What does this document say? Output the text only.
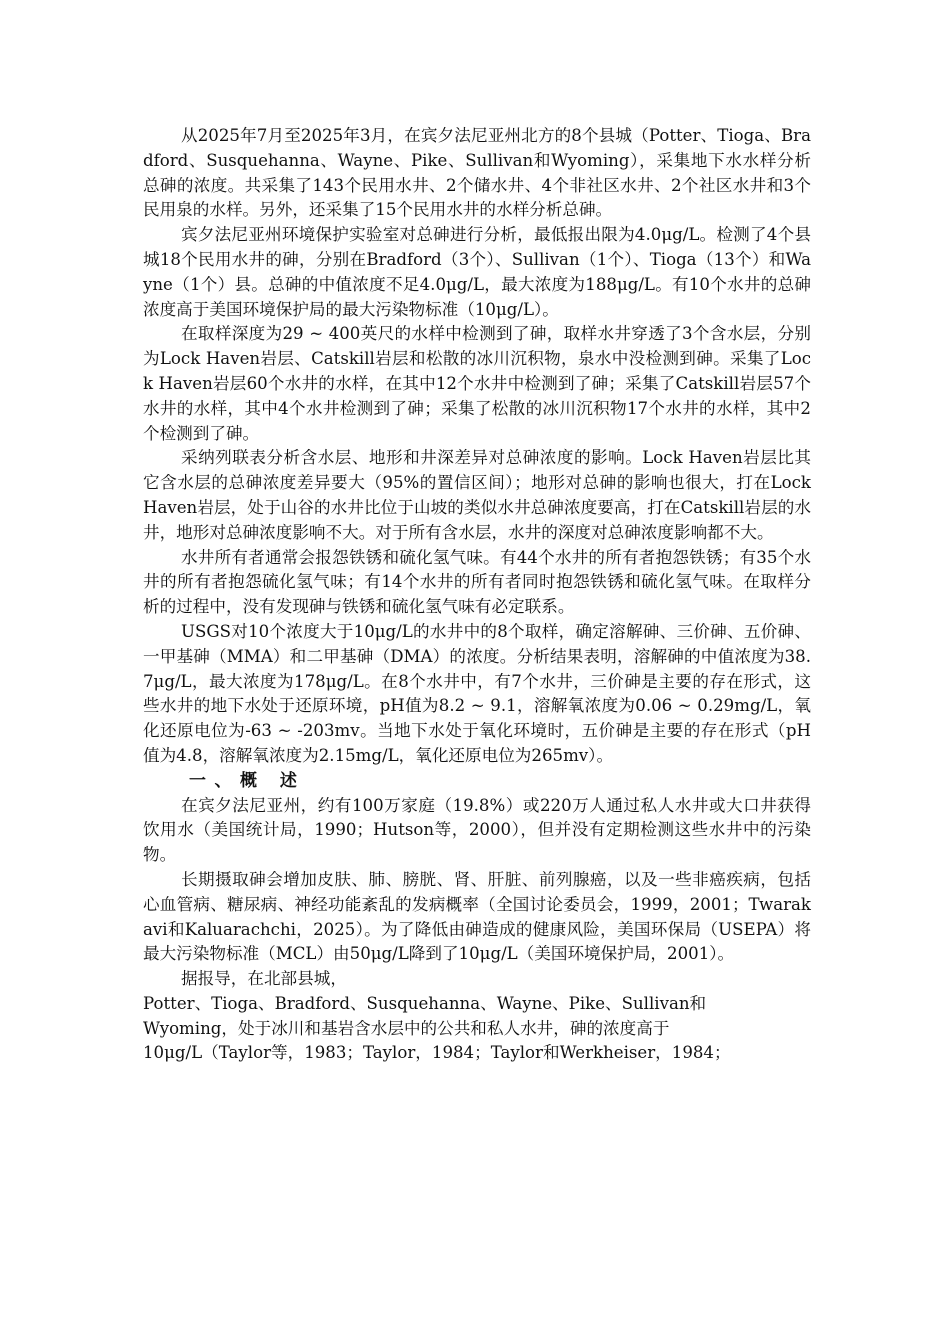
从2025年7月至2025年3月，在宾夕法尼亚州北方的8个县城（Potter、Tioga、Bradford、Susquehanna、Wayne、Pike、Sullivan和Wyoming），采集地下水水样分析总砷的浓度。共采集了143个民用水井、2个储水井、4个非社区水井、2个社区水井和3个民用泉的水样。另外，还采集了15个民用水井的水样分析总砷。

宾夕法尼亚州环境保护实验室对总砷进行分析，最低报出限为4.0μg/L。检测了4个县城18个民用水井的砷，分别在Bradford（3个）、Sullivan（1个）、Tioga（13个）和Wayne（1个）县。总砷的中值浓度不足4.0μg/L，最大浓度为188μg/L。有10个水井的总砷浓度高于美国环境保护局的最大污染物标准（10μg/L）。

在取样深度为29 ~ 400英尺的水样中检测到了砷，取样水井穿透了3个含水层，分别为Lock Haven岩层、Catskill岩层和松散的冰川沉积物，泉水中没检测到砷。采集了Lock Haven岩层60个水井的水样，在其中12个水井中检测到了砷；采集了Catskill岩层57个水井的水样，其中4个水井检测到了砷；采集了松散的冰川沉积物17个水井的水样，其中2个检测到了砷。

采纳列联表分析含水层、地形和井深差异对总砷浓度的影响。Lock Haven岩层比其它含水层的总砷浓度差异要大（95%的置信区间）；地形对总砷的影响也很大，打在Lock Haven岩层，处于山谷的水井比位于山坡的类似水井总砷浓度要高，打在Catskill岩层的水井，地形对总砷浓度影响不大。对于所有含水层，水井的深度对总砷浓度影响都不大。

水井所有者通常会报怨铁锈和硫化氢气味。有44个水井的所有者抱怨铁锈；有35个水井的所有者抱怨硫化氢气味；有14个水井的所有者同时抱怨铁锈和硫化氢气味。在取样分析的过程中，没有发现砷与铁锈和硫化氢气味有必定联系。

USGS对10个浓度大于10μg/L的水井中的8个取样，确定溶解砷、三价砷、五价砷、一甲基砷（MMA）和二甲基砷（DMA）的浓度。分析结果表明，溶解砷的中值浓度为38.7μg/L，最大浓度为178μg/L。在8个水井中，有7个水井，三价砷是主要的存在形式，这些水井的地下水处于还原环境，pH值为8.2 ~ 9.1，溶解氧浓度为0.06 ~ 0.29mg/L，氧化还原电位为-63 ~ -203mv。当地下水处于氧化环境时，五价砷是主要的存在形式（pH值为4.8，溶解氧浓度为2.15mg/L，氧化还原电位为265mv）。

一、概 述

在宾夕法尼亚州，约有100万家庭（19.8%）或220万人通过私人水井或大口井获得饮用水（美国统计局，1990；Hutson等，2000），但并没有定期检测这些水井中的污染物。

长期摄取砷会增加皮肤、肺、膀胱、肾、肝脏、前列腺癌，以及一些非癌疾病，包括心血管病、糖尿病、神经功能紊乱的发病概率（全国讨论委员会，1999，2001；Twarakavi和Kaluarachchi，2025）。为了降低由砷造成的健康风险，美国环保局（USEPA）将最大污染物标准（MCL）由50μg/L降到了10μg/L（美国环境保护局，2001）。

据报导，在北部县城，

Potter、Tioga、Bradford、Susquehanna、Wayne、Pike、Sullivan和

Wyoming，处于冰川和基岩含水层中的公共和私人水井，砷的浓度高于

10μg/L（Taylor等，1983；Taylor，1984；Taylor和Werkheiser，1984；
